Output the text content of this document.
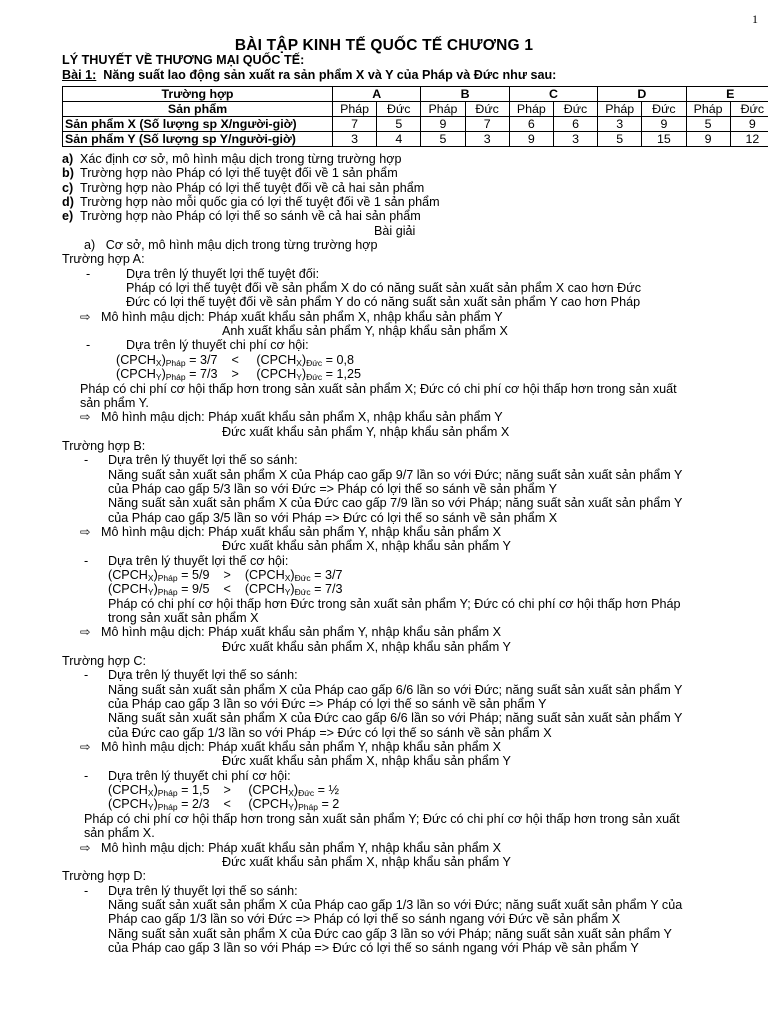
1
BÀI TẬP KINH TẾ QUỐC TẾ CHƯƠNG 1
LÝ THUYẾT VỀ THƯƠNG MẠI QUỐC TẾ:
Bài 1:  Năng suất lao động sản xuất ra sản phẩm X và Y của Pháp và Đức như sau:
Trường hợp	A		B		C		D		E	
Sản phẩm	Pháp	Đức	Pháp	Đức	Pháp	Đức	Pháp	Đức	Pháp	Đức
Sản phẩm X (Số lượng sp X/người-giờ)	7	5	9	7	6	6	3	9	5	9
Sản phẩm Y (Số lượng sp Y/người-giờ)	3	4	5	3	9	3	5	15	9	12
a) Xác định cơ sở, mô hình mậu dịch trong từng trường hợp
b) Trường hợp nào Pháp có lợi thế tuyệt đối về 1 sản phẩm
c) Trường hợp nào Pháp có lợi thế tuyệt đối về cả hai sản phẩm
d) Trường hợp nào mỗi quốc gia có lợi thế tuyệt đối về 1 sản phẩm
e) Trường hợp nào Pháp có lợi thế so sánh về cả hai sản phẩm
Bài giải
a)   Cơ sở, mô hình mậu dịch trong từng trường hợp
Trường hợp A:
-	Dựa trên lý thuyết lợi thế tuyệt đối:
Pháp có lợi thế tuyệt đối về sản phẩm X do có năng suất sản xuất sản phẩm X cao hơn Đức
Đức có lợi thế tuyệt đối về sản phẩm Y do có năng suất sản xuất sản phẩm Y cao hơn Pháp
⇨ Mô hình mậu dịch: Pháp xuất khẩu sản phẩm X, nhập khẩu sản phẩm Y
Anh xuất khẩu sản phẩm Y, nhập khẩu sản phẩm X
-	Dựa trên lý thuyết chi phí cơ hội:
$(CPCH_X)_{Pháp} = 3/7$    <     $(CPCH_X)_{Đức} = 0,8$
$(CPCH_Y)_{Pháp} = 7/3$    >     $(CPCH_Y)_{Đức} = 1,25$
Pháp có chi phí cơ hội thấp hơn trong sản xuất sản phẩm X; Đức có chi phí cơ hội thấp hơn trong sản xuất
sản phẩm Y.
⇨ Mô hình mậu dịch: Pháp xuất khẩu sản phẩm X, nhập khẩu sản phẩm Y
Đức xuất khẩu sản phẩm Y, nhập khẩu sản phẩm X
Trường hợp B:
- Dựa trên lý thuyết lợi thế so sánh:
Năng suất sản xuất sản phẩm X của Pháp cao gấp 9/7 lần so với Đức; năng suất sản xuất sản phẩm Y
của Pháp cao gấp 5/3 lần so với Đức => Pháp có lợi thế so sánh về sản phẩm Y
Năng suất sản xuất sản phẩm X của Đức cao gấp 7/9 lần so với Pháp; năng suất sản xuất sản phẩm Y
của Pháp cao gấp 3/5 lần so với Pháp => Đức có lợi thế so sánh về sản phẩm X
⇨ Mô hình mậu dịch: Pháp xuất khẩu sản phẩm Y, nhập khẩu sản phẩm X
Đức xuất khẩu sản phẩm X, nhập khẩu sản phẩm Y
- Dựa trên lý thuyết lợi thế cơ hội:
$(CPCH_X)_{Pháp} = 5/9$    >    $(CPCH_X)_{Đức} = 3/7$
$(CPCH_Y)_{Pháp} = 9/5$    <    $(CPCH_Y)_{Đức} = 7/3$
Pháp có chi phí cơ hội thấp hơn Đức trong sản xuất sản phẩm Y; Đức có chi phí cơ hội thấp hơn Pháp
trong sản xuất sản phẩm X
⇨ Mô hình mậu dịch: Pháp xuất khẩu sản phẩm Y, nhập khẩu sản phẩm X
Đức xuất khẩu sản phẩm X, nhập khẩu sản phẩm Y
Trường hợp C:
- Dựa trên lý thuyết lợi thế so sánh:
Năng suất sản xuất sản phẩm X của Pháp cao gấp 6/6 lần so với Đức; năng suất sản xuất sản phẩm Y
của Pháp cao gấp 3 lần so với Đức => Pháp có lợi thế so sánh về sản phẩm Y
Năng suất sản xuất sản phẩm X của Đức cao gấp 6/6 lần so với Pháp; năng suất sản xuất sản phẩm Y
của Đức cao gấp 1/3 lần so với Pháp => Đức có lợi thế so sánh về sản phẩm X
⇨ Mô hình mậu dịch: Pháp xuất khẩu sản phẩm Y, nhập khẩu sản phẩm X
Đức xuất khẩu sản phẩm X, nhập khẩu sản phẩm Y
- Dựa trên lý thuyết chi phí cơ hội:
$(CPCH_X)_{Pháp} = 1,5$    >     $(CPCH_X)_{Đức}$ = ½
$(CPCH_Y)_{Pháp} = 2/3$    <     $(CPCH_Y)_{Pháp} = 2$
Pháp có chi phí cơ hội thấp hơn trong sản xuất sản phẩm Y; Đức có chi phí cơ hội thấp hơn trong sản xuất
sản phẩm X.
⇨ Mô hình mậu dịch: Pháp xuất khẩu sản phẩm Y, nhập khẩu sản phẩm X
Đức xuất khẩu sản phẩm X, nhập khẩu sản phẩm Y
Trường hợp D:
- Dựa trên lý thuyết lợi thế so sánh:
Năng suất sản xuất sản phẩm X của Pháp cao gấp 1/3 lần so với Đức; năng suất xuất sản phẩm Y của
Pháp cao gấp 1/3 lần so với Đức => Pháp có lợi thế so sánh ngang với Đức về sản phẩm X
Năng suất sản xuất sản phẩm X của Đức cao gấp 3 lần so với Pháp; năng suất sản xuất sản phẩm Y
của Pháp cao gấp 3 lần so với Pháp => Đức có lợi thế so sánh ngang với Pháp về sản phẩm Y
